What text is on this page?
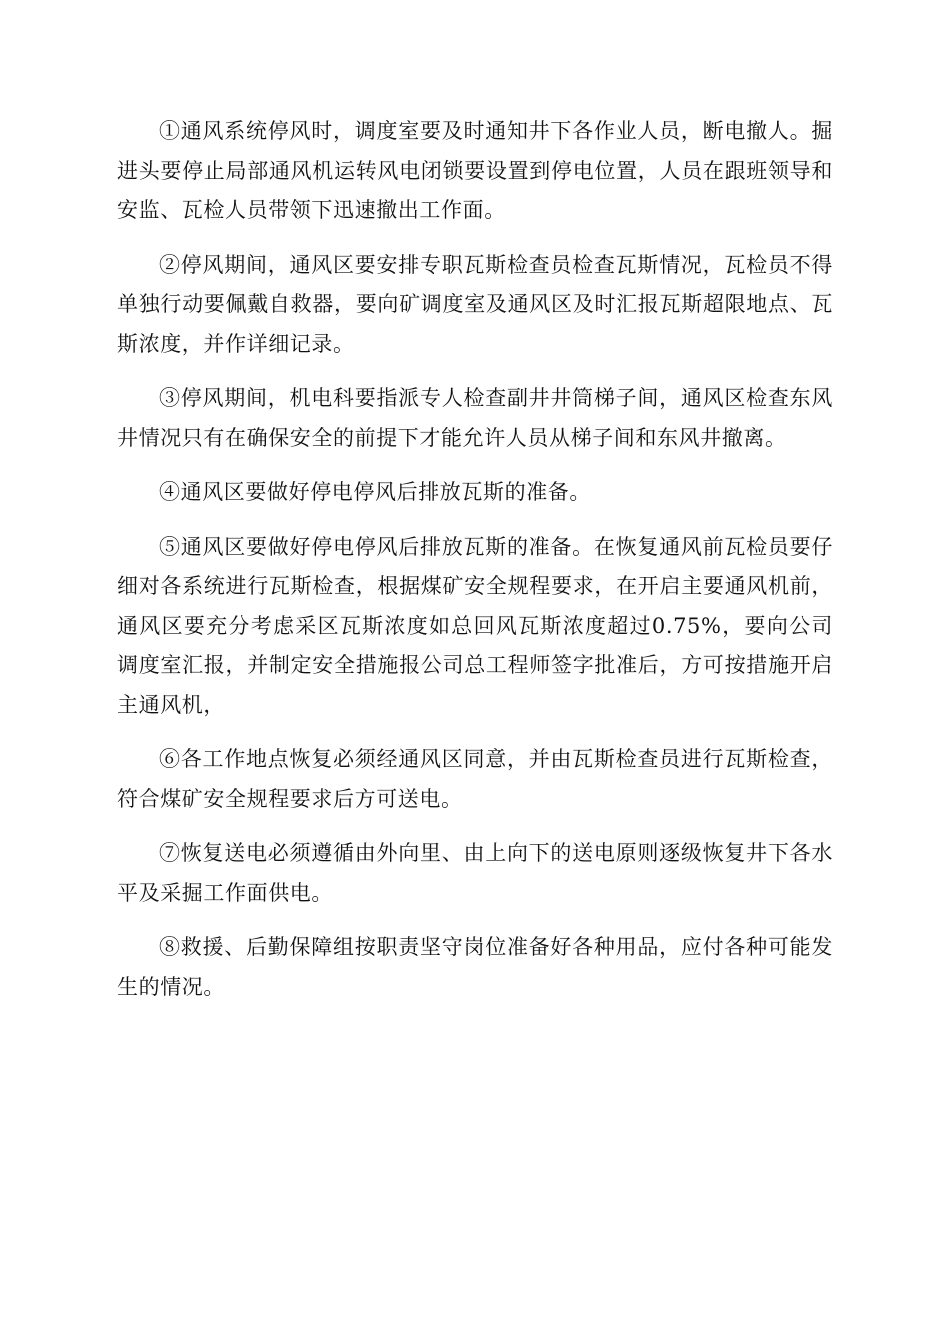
①通风系统停风时，调度室要及时通知井下各作业人员，断电撤人。掘进头要停止局部通风机运转风电闭锁要设置到停电位置，人员在跟班领导和安监、瓦检人员带领下迅速撤出工作面。

②停风期间，通风区要安排专职瓦斯检查员检查瓦斯情况，瓦检员不得单独行动要佩戴自救器，要向矿调度室及通风区及时汇报瓦斯超限地点、瓦斯浓度，并作详细记录。

③停风期间，机电科要指派专人检查副井井筒梯子间，通风区检查东风井情况只有在确保安全的前提下才能允许人员从梯子间和东风井撤离。

④通风区要做好停电停风后排放瓦斯的准备。

⑤通风区要做好停电停风后排放瓦斯的准备。在恢复通风前瓦检员要仔细对各系统进行瓦斯检查，根据煤矿安全规程要求，在开启主要通风机前，通风区要充分考虑采区瓦斯浓度如总回风瓦斯浓度超过0.75%，要向公司调度室汇报，并制定安全措施报公司总工程师签字批准后，方可按措施开启主通风机，

⑥各工作地点恢复必须经通风区同意，并由瓦斯检查员进行瓦斯检查，符合煤矿安全规程要求后方可送电。

⑦恢复送电必须遵循由外向里、由上向下的送电原则逐级恢复井下各水平及采掘工作面供电。

⑧救援、后勤保障组按职责坚守岗位准备好各种用品，应付各种可能发生的情况。
